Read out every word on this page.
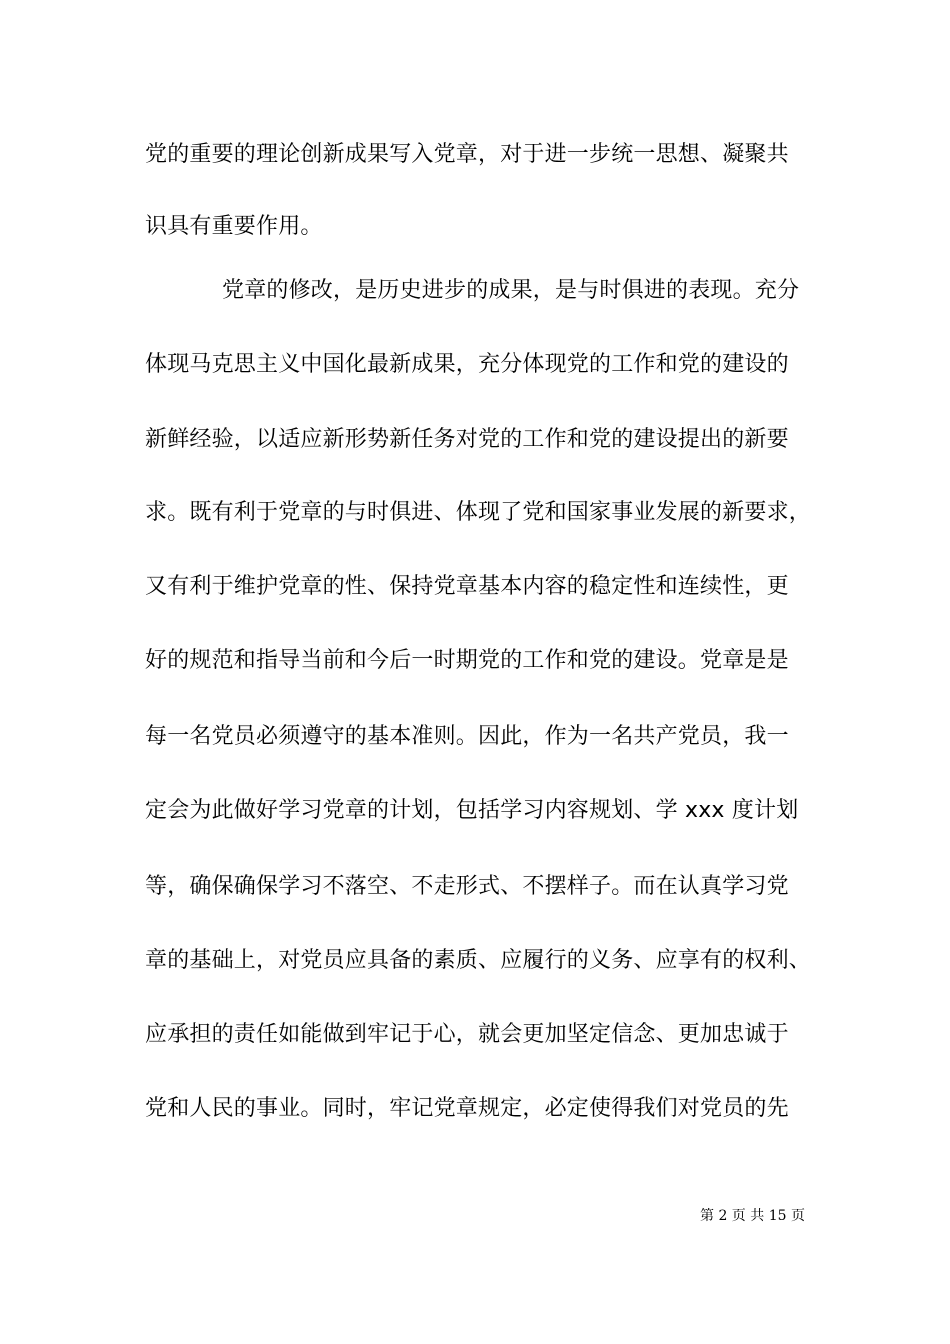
党的重要的理论创新成果写入党章，对于进一步统一思想、凝聚共
识具有重要作用。
党章的修改，是历史进步的成果，是与时俱进的表现。充分
体现马克思主义中国化最新成果，充分体现党的工作和党的建设的
新鲜经验，以适应新形势新任务对党的工作和党的建设提出的新要
求。既有利于党章的与时俱进、体现了党和国家事业发展的新要求，
又有利于维护党章的性、保持党章基本内容的稳定性和连续性，更
好的规范和指导当前和今后一时期党的工作和党的建设。党章是是
每一名党员必须遵守的基本准则。因此，作为一名共产党员，我一
定会为此做好学习党章的计划，包括学习内容规划、学 xxx 度计划
等，确保确保学习不落空、不走形式、不摆样子。而在认真学习党
章的基础上，对党员应具备的素质、应履行的义务、应享有的权利、
应承担的责任如能做到牢记于心，就会更加坚定信念、更加忠诚于
党和人民的事业。同时，牢记党章规定，必定使得我们对党员的先
第 2 页 共 15 页
